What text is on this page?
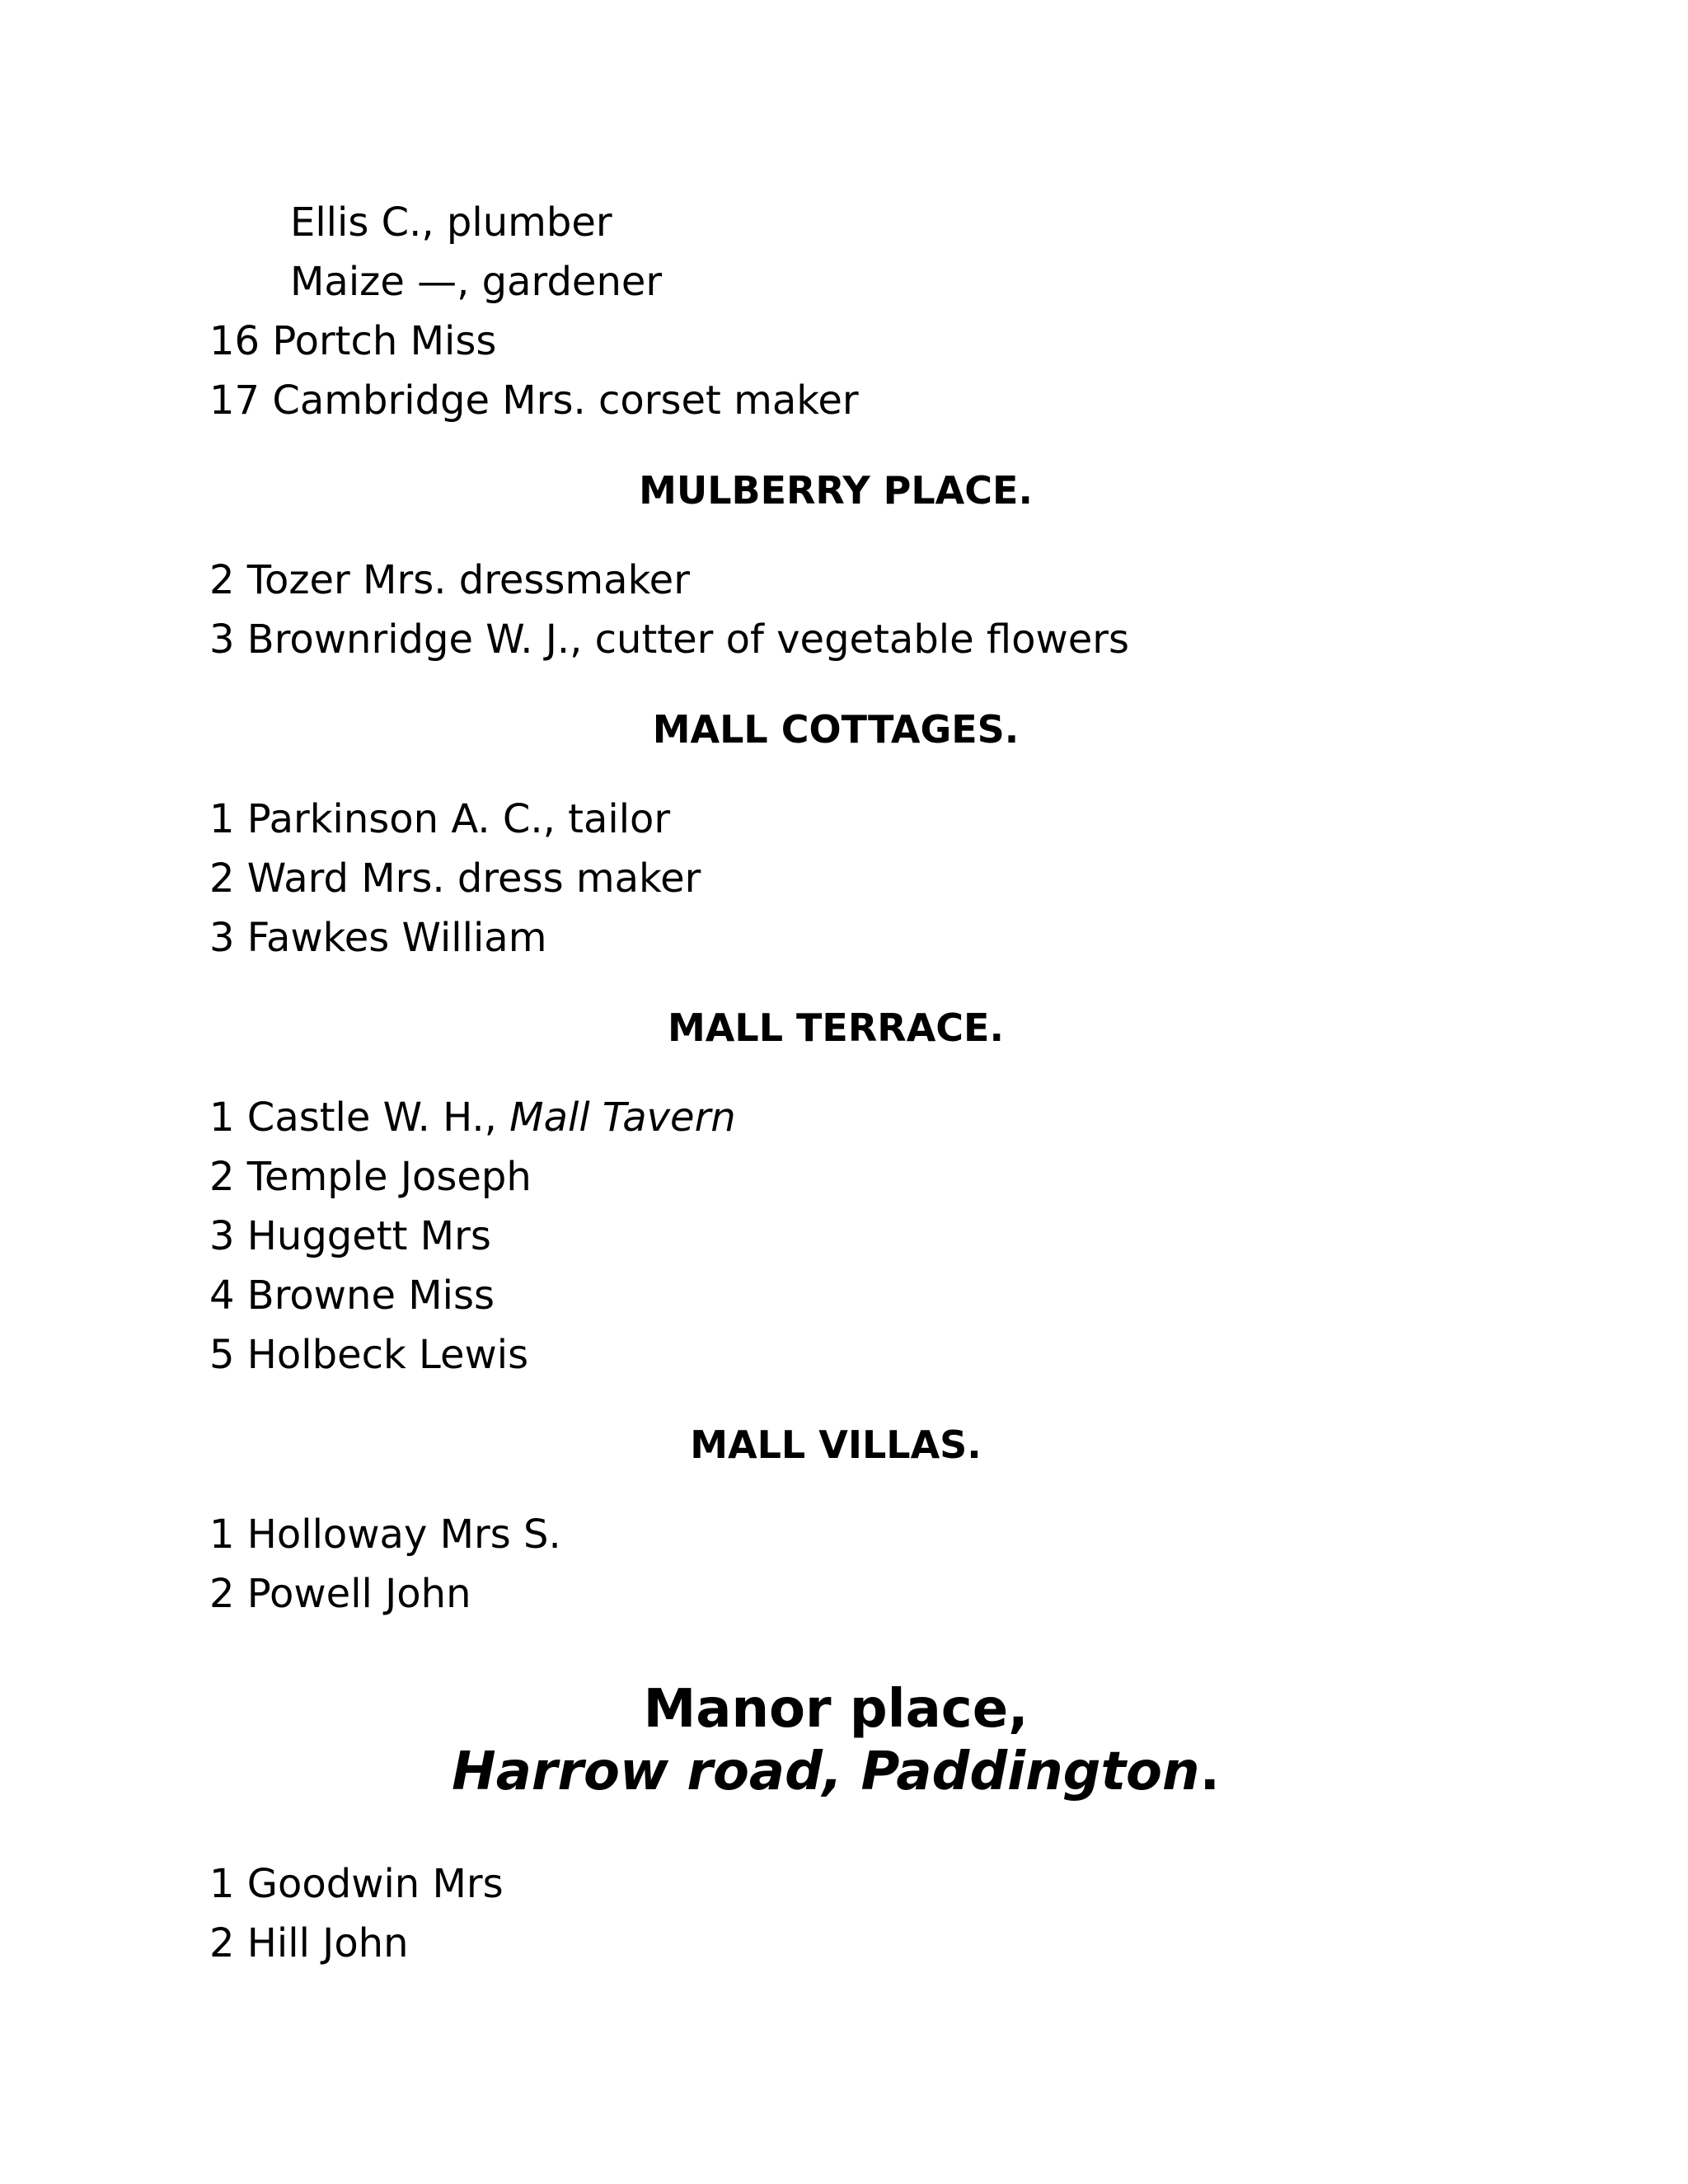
Ellis C., plumber
Maize —, gardener
16 Portch Miss
17 Cambridge Mrs. corset maker
MULBERRY PLACE.
2 Tozer Mrs. dressmaker
3 Brownridge W. J., cutter of vegetable flowers
MALL COTTAGES.
1 Parkinson A. C., tailor
2 Ward Mrs. dress maker
3 Fawkes William
MALL TERRACE.
1 Castle W. H., Mall Tavern
2 Temple Joseph
3 Huggett Mrs
4 Browne Miss
5 Holbeck Lewis
MALL VILLAS.
1 Holloway Mrs S.
2 Powell John
Manor place,
Harrow road, Paddington.
1 Goodwin Mrs
2 Hill John
